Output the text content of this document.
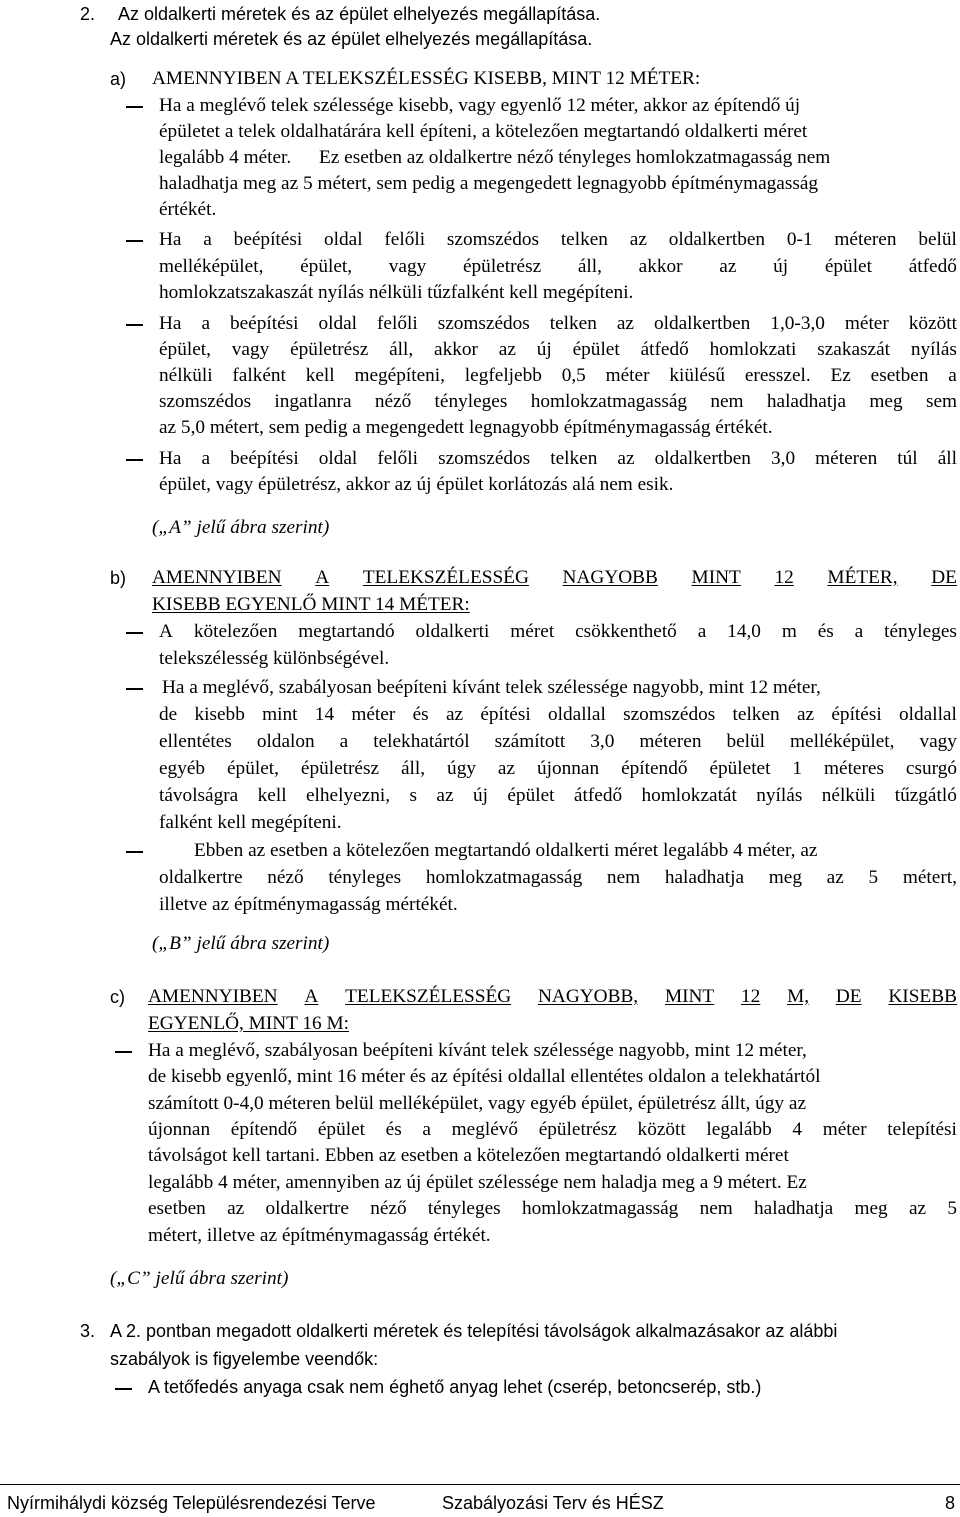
2. Az oldalkerti méretek és az épület elhelyezés megállapítása.
Az oldalkerti méretek és az épület elhelyezés megállapítása.
a) AMENNYIBEN A TELEKSZÉLESSÉG KISEBB, MINT 12 MÉTER:
Ha a meglévő telek szélessége kisebb, vagy egyenlő 12 méter, akkor az építendő új
épületet a telek oldalhatárára kell építeni, a kötelezően megtartandó oldalkerti méret
legalább 4 méter. Ez esetben az oldalkertre néző tényleges homlokzatmagasság nem
haladhatja meg az 5 métert, sem pedig a megengedett legnagyobb építménymagasság
értékét.
Ha a beépítési oldal felőli szomszédos telken az oldalkertben 0-1 méteren belül
melléképület, épület, vagy épületrész áll, akkor az új épület átfedő
homlokzatszakaszát nyílás nélküli tűzfalként kell megépíteni.
Ha a beépítési oldal felőli szomszédos telken az oldalkertben 1,0-3,0 méter között
épület, vagy épületrész áll, akkor az új épület átfedő homlokzati szakaszát nyílás
nélküli falként kell megépíteni, legfeljebb 0,5 méter kiülésű eresszel. Ez esetben a
szomszédos ingatlanra néző tényleges homlokzatmagasság nem haladhatja meg sem
az 5,0 métert, sem pedig a megengedett legnagyobb építménymagasság értékét.
Ha a beépítési oldal felőli szomszédos telken az oldalkertben 3,0 méteren túl áll
épület, vagy épületrész, akkor az új épület korlátozás alá nem esik.
(„A” jelű ábra szerint)
b) AMENNYIBEN A TELEKSZÉLESSÉG NAGYOBB MINT 12 MÉTER, DE
KISEBB EGYENLŐ MINT 14 MÉTER:
A kötelezően megtartandó oldalkerti méret csökkenthető a 14,0 m és a tényleges
telekszélesség különbségével.
Ha a meglévő, szabályosan beépíteni kívánt telek szélessége nagyobb, mint 12 méter,
de kisebb mint 14 méter és az építési oldallal szomszédos telken az építési oldallal
ellentétes oldalon a telekhatártól számított 3,0 méteren belül melléképület, vagy
egyéb épület, épületrész áll, úgy az újonnan építendő épületet 1 méteres csurgó
távolságra kell elhelyezni, s az új épület átfedő homlokzatát nyílás nélküli tűzgátló
falként kell megépíteni.
Ebben az esetben a kötelezően megtartandó oldalkerti méret legalább 4 méter, az
oldalkertre néző tényleges homlokzatmagasság nem haladhatja meg az 5 métert,
illetve az építménymagasság mértékét.
(„B” jelű ábra szerint)
c) AMENNYIBEN A TELEKSZÉLESSÉG NAGYOBB, MINT 12 M, DE KISEBB
EGYENLŐ, MINT 16 M:
Ha a meglévő, szabályosan beépíteni kívánt telek szélessége nagyobb, mint 12 méter,
de kisebb egyenlő, mint 16 méter és az építési oldallal ellentétes oldalon a telekhatártól
számított 0-4,0 méteren belül melléképület, vagy egyéb épület, épületrész állt, úgy az
újonnan építendő épület és a meglévő épületrész között legalább 4 méter telepítési
távolságot kell tartani. Ebben az esetben a kötelezően megtartandó oldalkerti méret
legalább 4 méter, amennyiben az új épület szélessége nem haladja meg a 9 métert. Ez
esetben az oldalkertre néző tényleges homlokzatmagasság nem haladhatja meg az 5
métert, illetve az építménymagasság értékét.
(„C” jelű ábra szerint)
3. A 2. pontban megadott oldalkerti méretek és telepítési távolságok alkalmazásakor az alábbi
szabályok is figyelembe veendők:
A tetőfedés anyaga csak nem éghető anyag lehet (cserép, betoncserép, stb.)
Nyírmihálydi község Településrendezési Terve	Szabályozási Terv és HÉSZ	8
